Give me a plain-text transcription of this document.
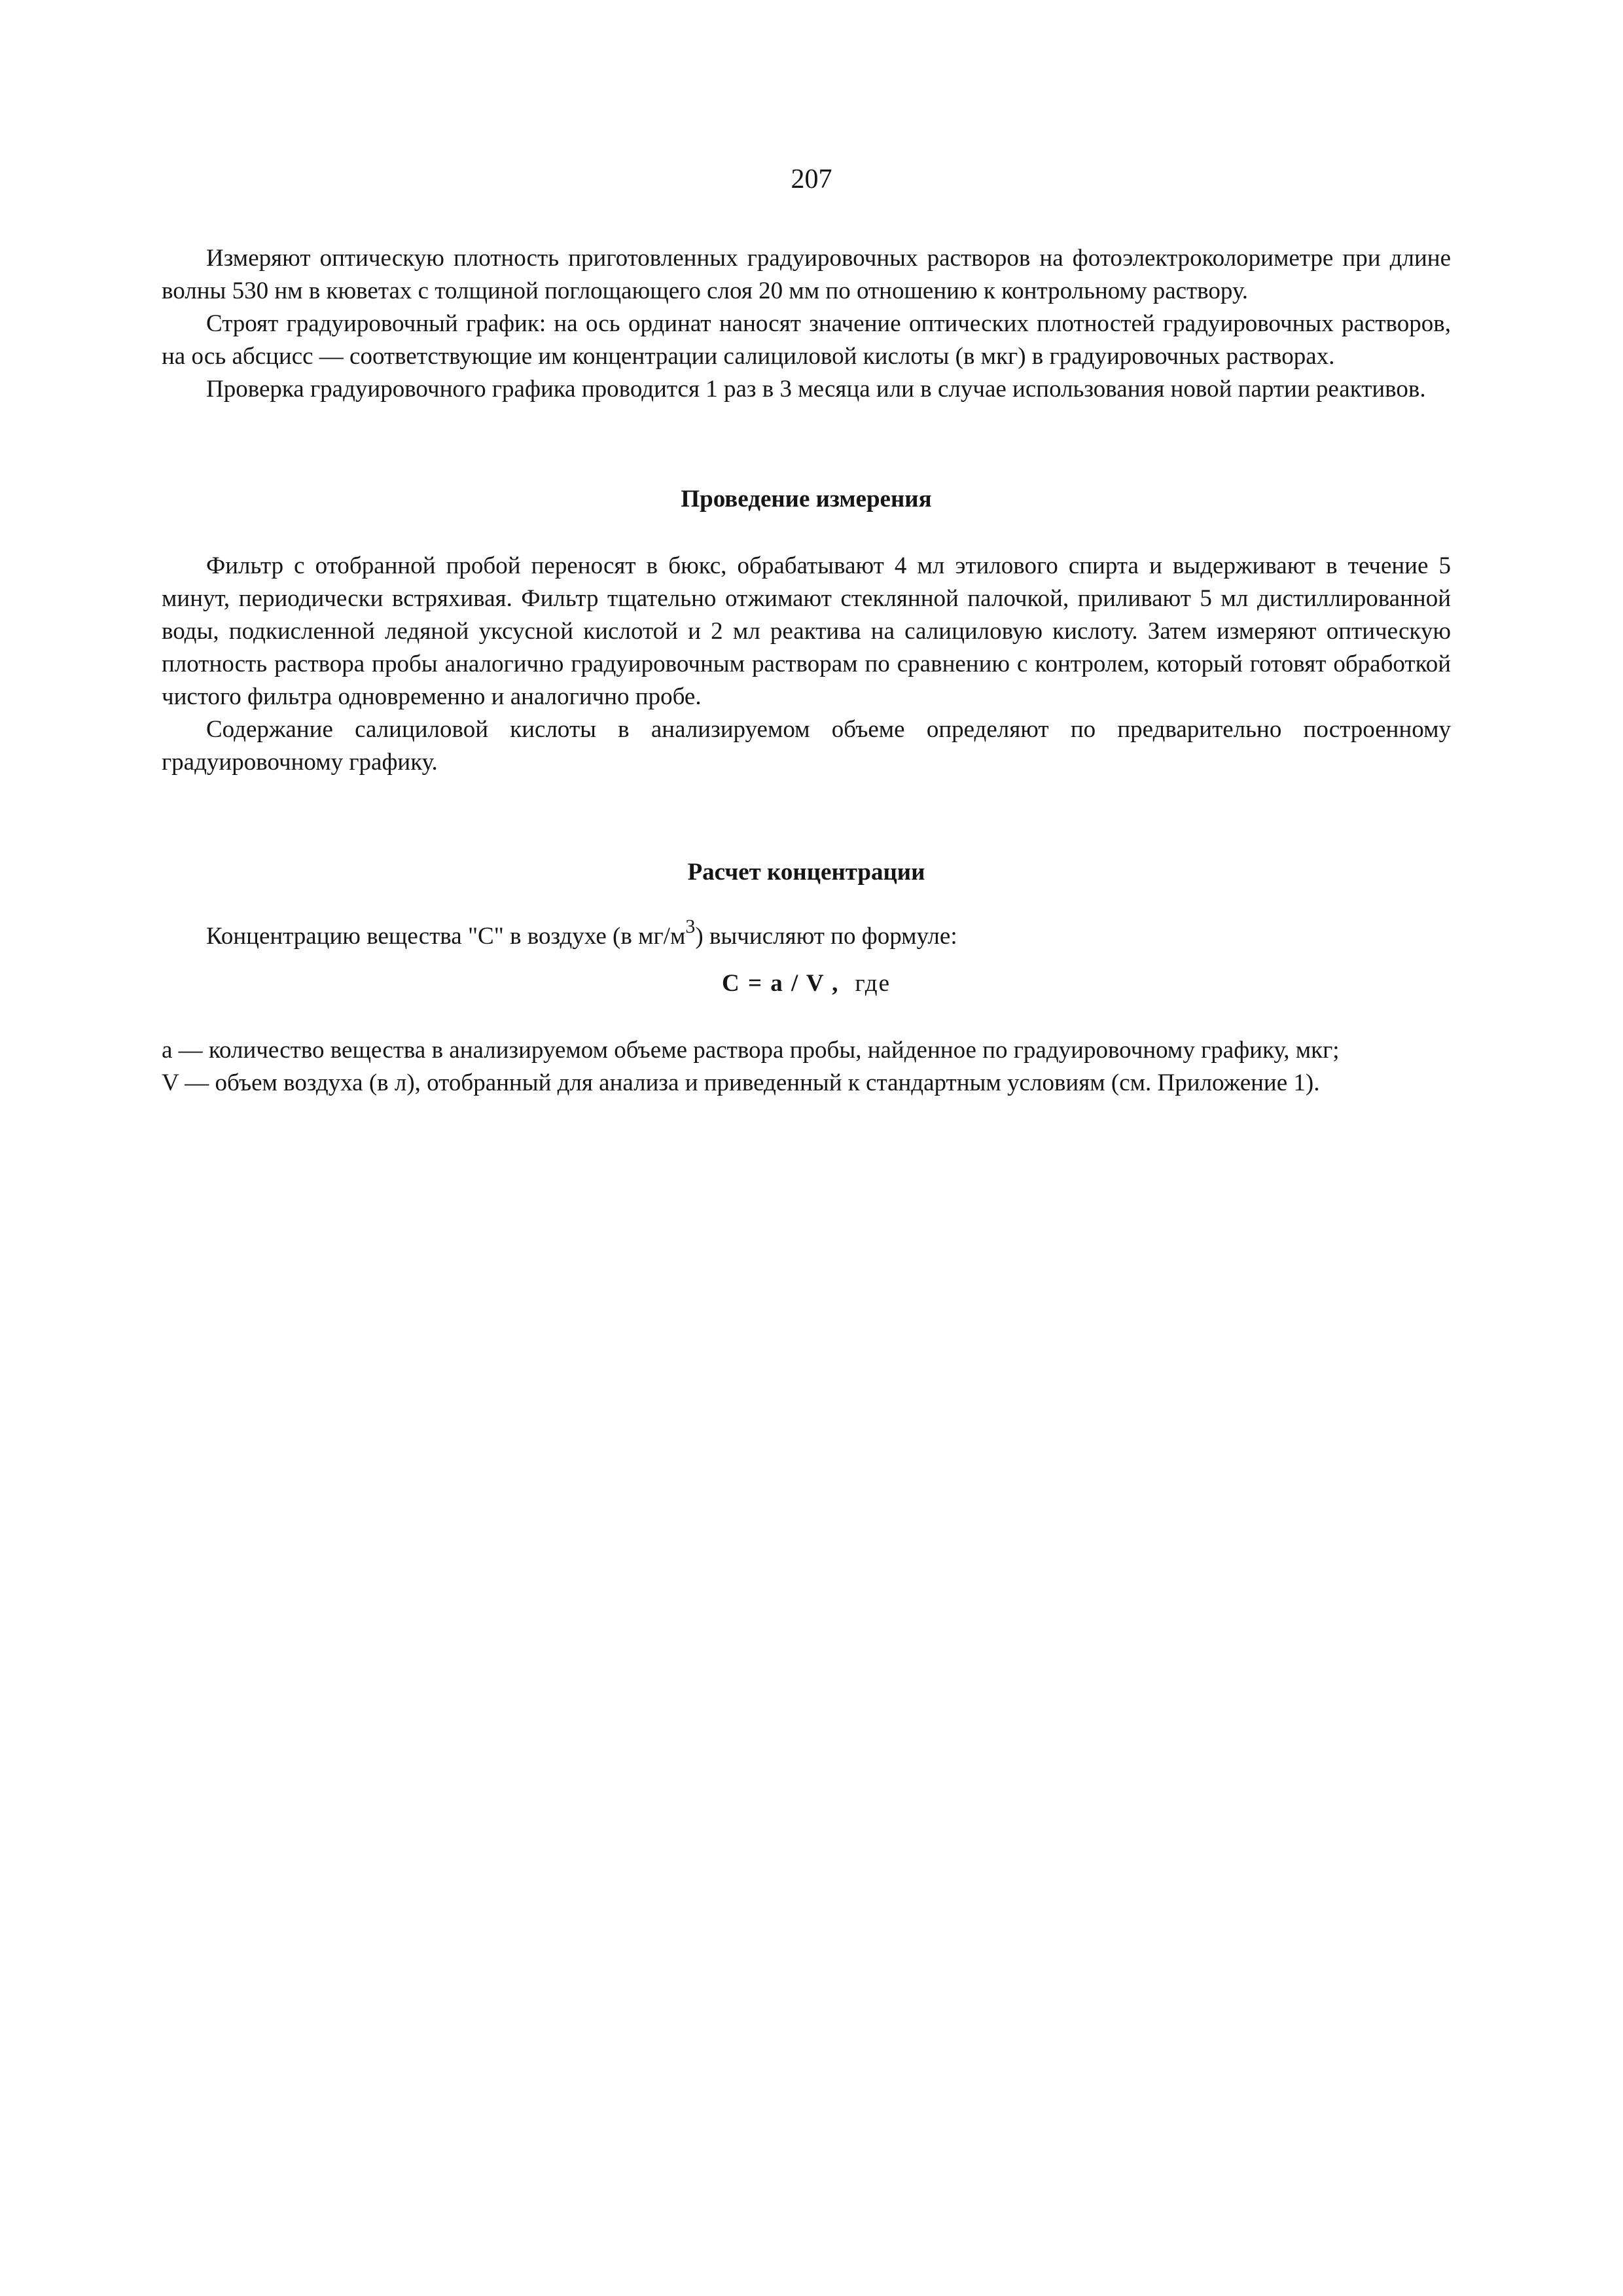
207

Измеряют оптическую плотность приготовленных градуировочных растворов на фотоэлектроколориметре при длине волны 530 нм в кюветах с толщиной поглощающего слоя 20 мм по отношению к контрольному раствору.

Строят градуировочный график: на ось ординат наносят значение оптических плотностей градуировочных растворов, на ось абсцисс — соответствующие им концентрации салициловой кислоты (в мкг) в градуировочных растворах.

Проверка градуировочного графика проводится 1 раз в 3 месяца или в случае использования новой партии реактивов.

Проведение измерения

Фильтр с отобранной пробой переносят в бюкс, обрабатывают 4 мл этилового спирта и выдерживают в течение 5 минут, периодически встряхивая. Фильтр тщательно отжимают стеклянной палочкой, приливают 5 мл дистиллированной воды, подкисленной ледяной уксусной кислотой и 2 мл реактива на салициловую кислоту. Затем измеряют оптическую плотность раствора пробы аналогично градуировочным растворам по сравнению с контролем, который готовят обработкой чистого фильтра одновременно и аналогично пробе.

Содержание салициловой кислоты в анализируемом объеме определяют по предварительно построенному градуировочному графику.

Расчет концентрации

Концентрацию вещества "С" в воздухе (в $мг/м^3$) вычисляют по формуле:

С = a / V , где

а — количество вещества в анализируемом объеме раствора пробы, найденное по градуировочному графику, мкг;

V — объем воздуха (в л), отобранный для анализа и приведенный к стандартным условиям (см. Приложение 1).
